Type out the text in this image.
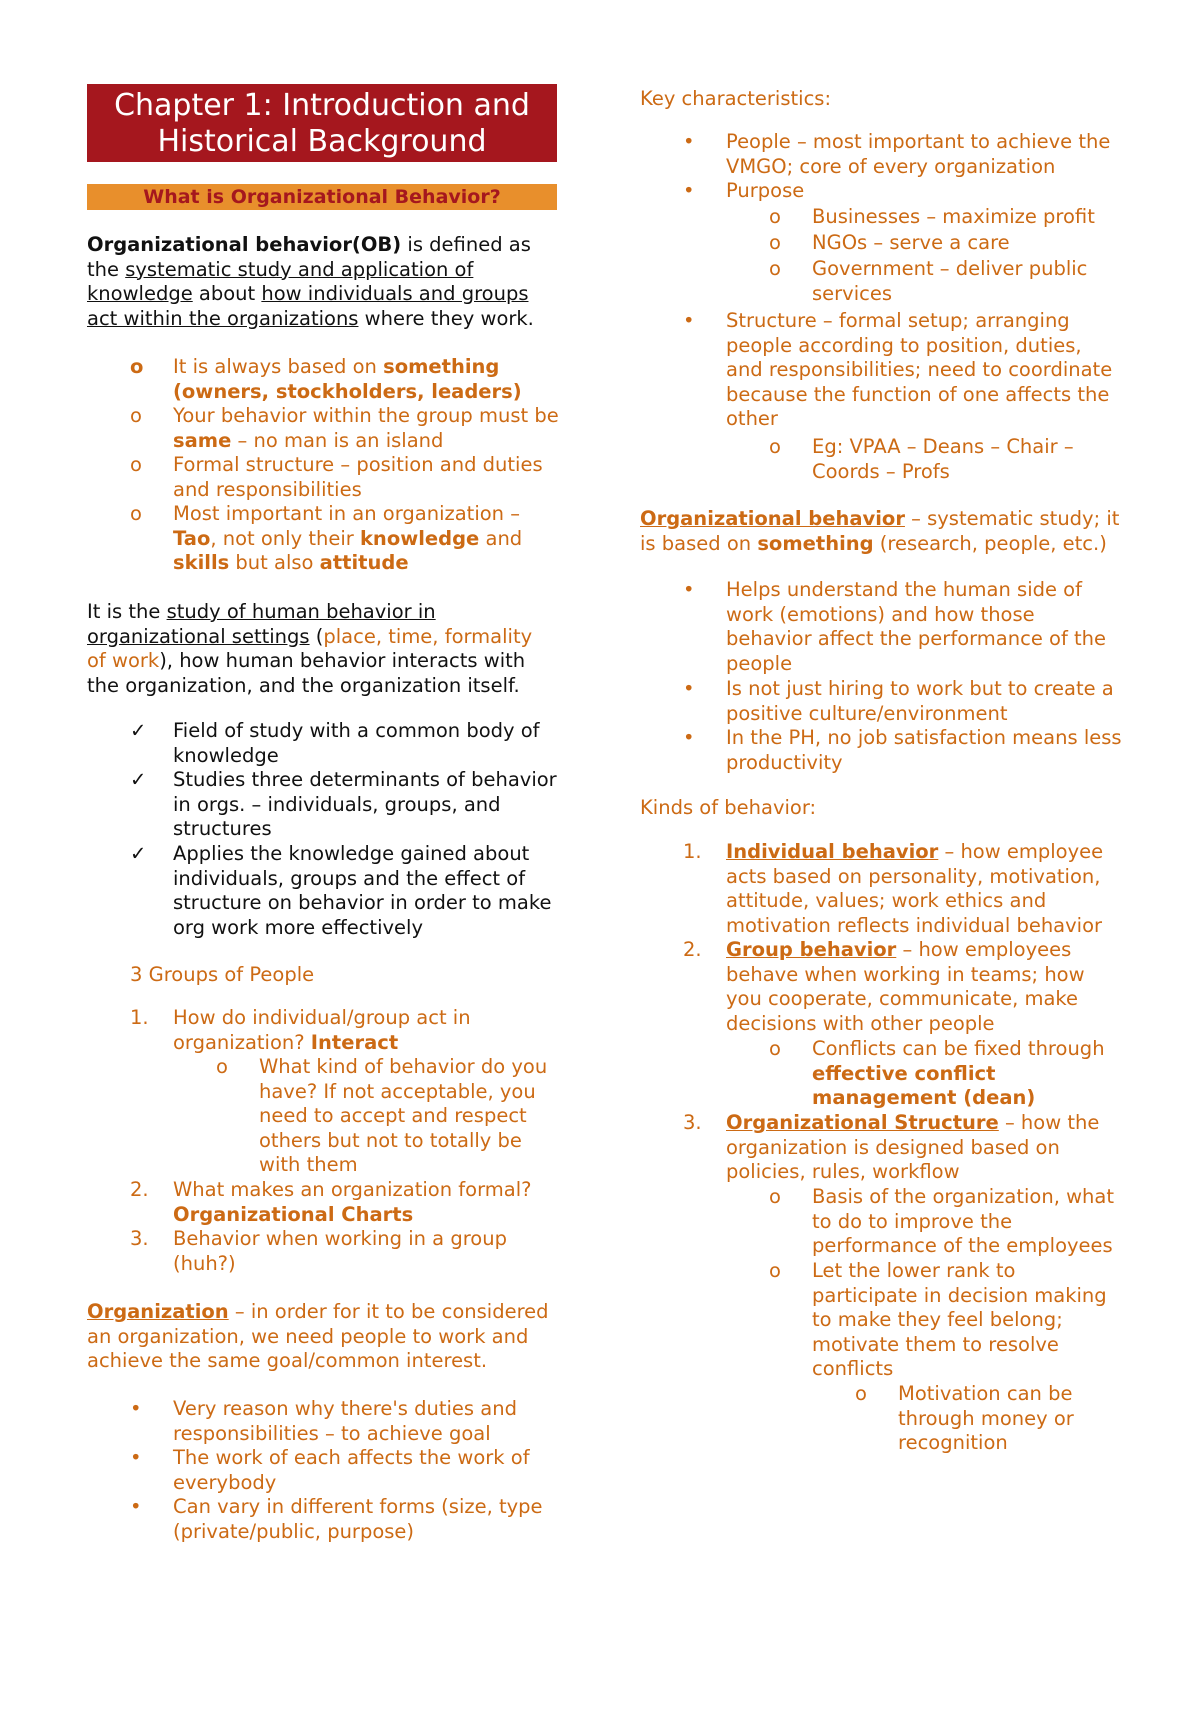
Chapter 1: Introduction and Historical Background
What is Organizational Behavior?

Organizational behavior(OB) is defined as the systematic study and application of knowledge about how individuals and groups act within the organizations where they work.

o It is always based on something (owners, stockholders, leaders)
o Your behavior within the group must be same – no man is an island
o Formal structure – position and duties and responsibilities
o Most important in an organization – Tao, not only their knowledge and skills but also attitude

It is the study of human behavior in organizational settings (place, time, formality of work), how human behavior interacts with the organization, and the organization itself.

✓ Field of study with a common body of knowledge
✓ Studies three determinants of behavior in orgs. – individuals, groups, and structures
✓ Applies the knowledge gained about individuals, groups and the effect of structure on behavior in order to make org work more effectively
3 Groups of People
1. How do individual/group act in organization? Interact
o What kind of behavior do you have? If not acceptable, you need to accept and respect others but not to totally be with them
2. What makes an organization formal? Organizational Charts
3. Behavior when working in a group (huh?)

Organization – in order for it to be considered an organization, we need people to work and achieve the same goal/common interest.

• Very reason why there's duties and responsibilities – to achieve goal
• The work of each affects the work of everybody
• Can vary in different forms (size, type (private/public, purpose)
Key characteristics:
• People – most important to achieve the VMGO; core of every organization
• Purpose
o Businesses – maximize profit
o NGOs – serve a care
o Government – deliver public services
• Structure – formal setup; arranging people according to position, duties, and responsibilities; need to coordinate because the function of one affects the other
o Eg: VPAA – Deans – Chair – Coords – Profs

Organizational behavior – systematic study; it is based on something (research, people, etc.)

• Helps understand the human side of work (emotions) and how those behavior affect the performance of the people
• Is not just hiring to work but to create a positive culture/environment
• In the PH, no job satisfaction means less productivity
Kinds of behavior:
1. Individual behavior – how employee acts based on personality, motivation, attitude, values; work ethics and motivation reflects individual behavior
2. Group behavior – how employees behave when working in teams; how you cooperate, communicate, make decisions with other people
o Conflicts can be fixed through effective conflict management (dean)
3. Organizational Structure – how the organization is designed based on policies, rules, workflow
o Basis of the organization, what to do to improve the performance of the employees
o Let the lower rank to participate in decision making to make they feel belong; motivate them to resolve conflicts
o Motivation can be through money or recognition
